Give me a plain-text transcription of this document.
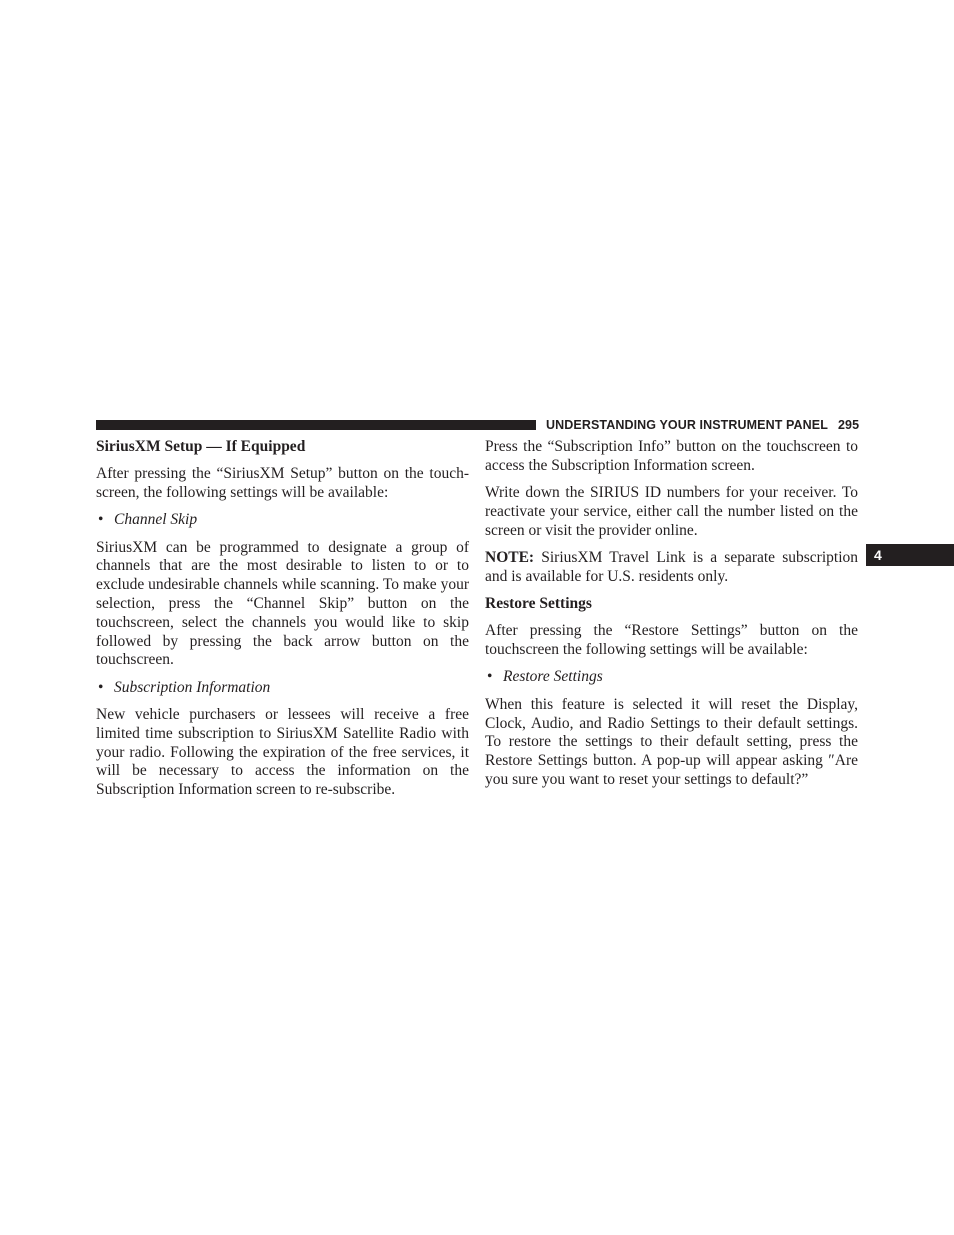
UNDERSTANDING YOUR INSTRUMENT PANEL 295
4
SiriusXM Setup — If Equipped

After pressing the “SiriusXM Setup” button on the touch-screen, the following settings will be available:

• Channel Skip

SiriusXM can be programmed to designate a group of channels that are the most desirable to listen to or to exclude undesirable channels while scanning. To make your selection, press the “Channel Skip” button on the touchscreen, select the channels you would like to skip followed by pressing the back arrow button on the touchscreen.

• Subscription Information

New vehicle purchasers or lessees will receive a free limited time subscription to SiriusXM Satellite Radio with your radio. Following the expiration of the free services, it will be necessary to access the information on the Subscription Information screen to re-subscribe.

Press the “Subscription Info” button on the touchscreen to access the Subscription Information screen.

Write down the SIRIUS ID numbers for your receiver. To reactivate your service, either call the number listed on the screen or visit the provider online.

NOTE: SiriusXM Travel Link is a separate subscription and is available for U.S. residents only.

Restore Settings

After pressing the “Restore Settings” button on the touchscreen the following settings will be available:

• Restore Settings

When this feature is selected it will reset the Display, Clock, Audio, and Radio Settings to their default settings. To restore the settings to their default setting, press the Restore Settings button. A pop-up will appear asking ″Are you sure you want to reset your settings to default?”
